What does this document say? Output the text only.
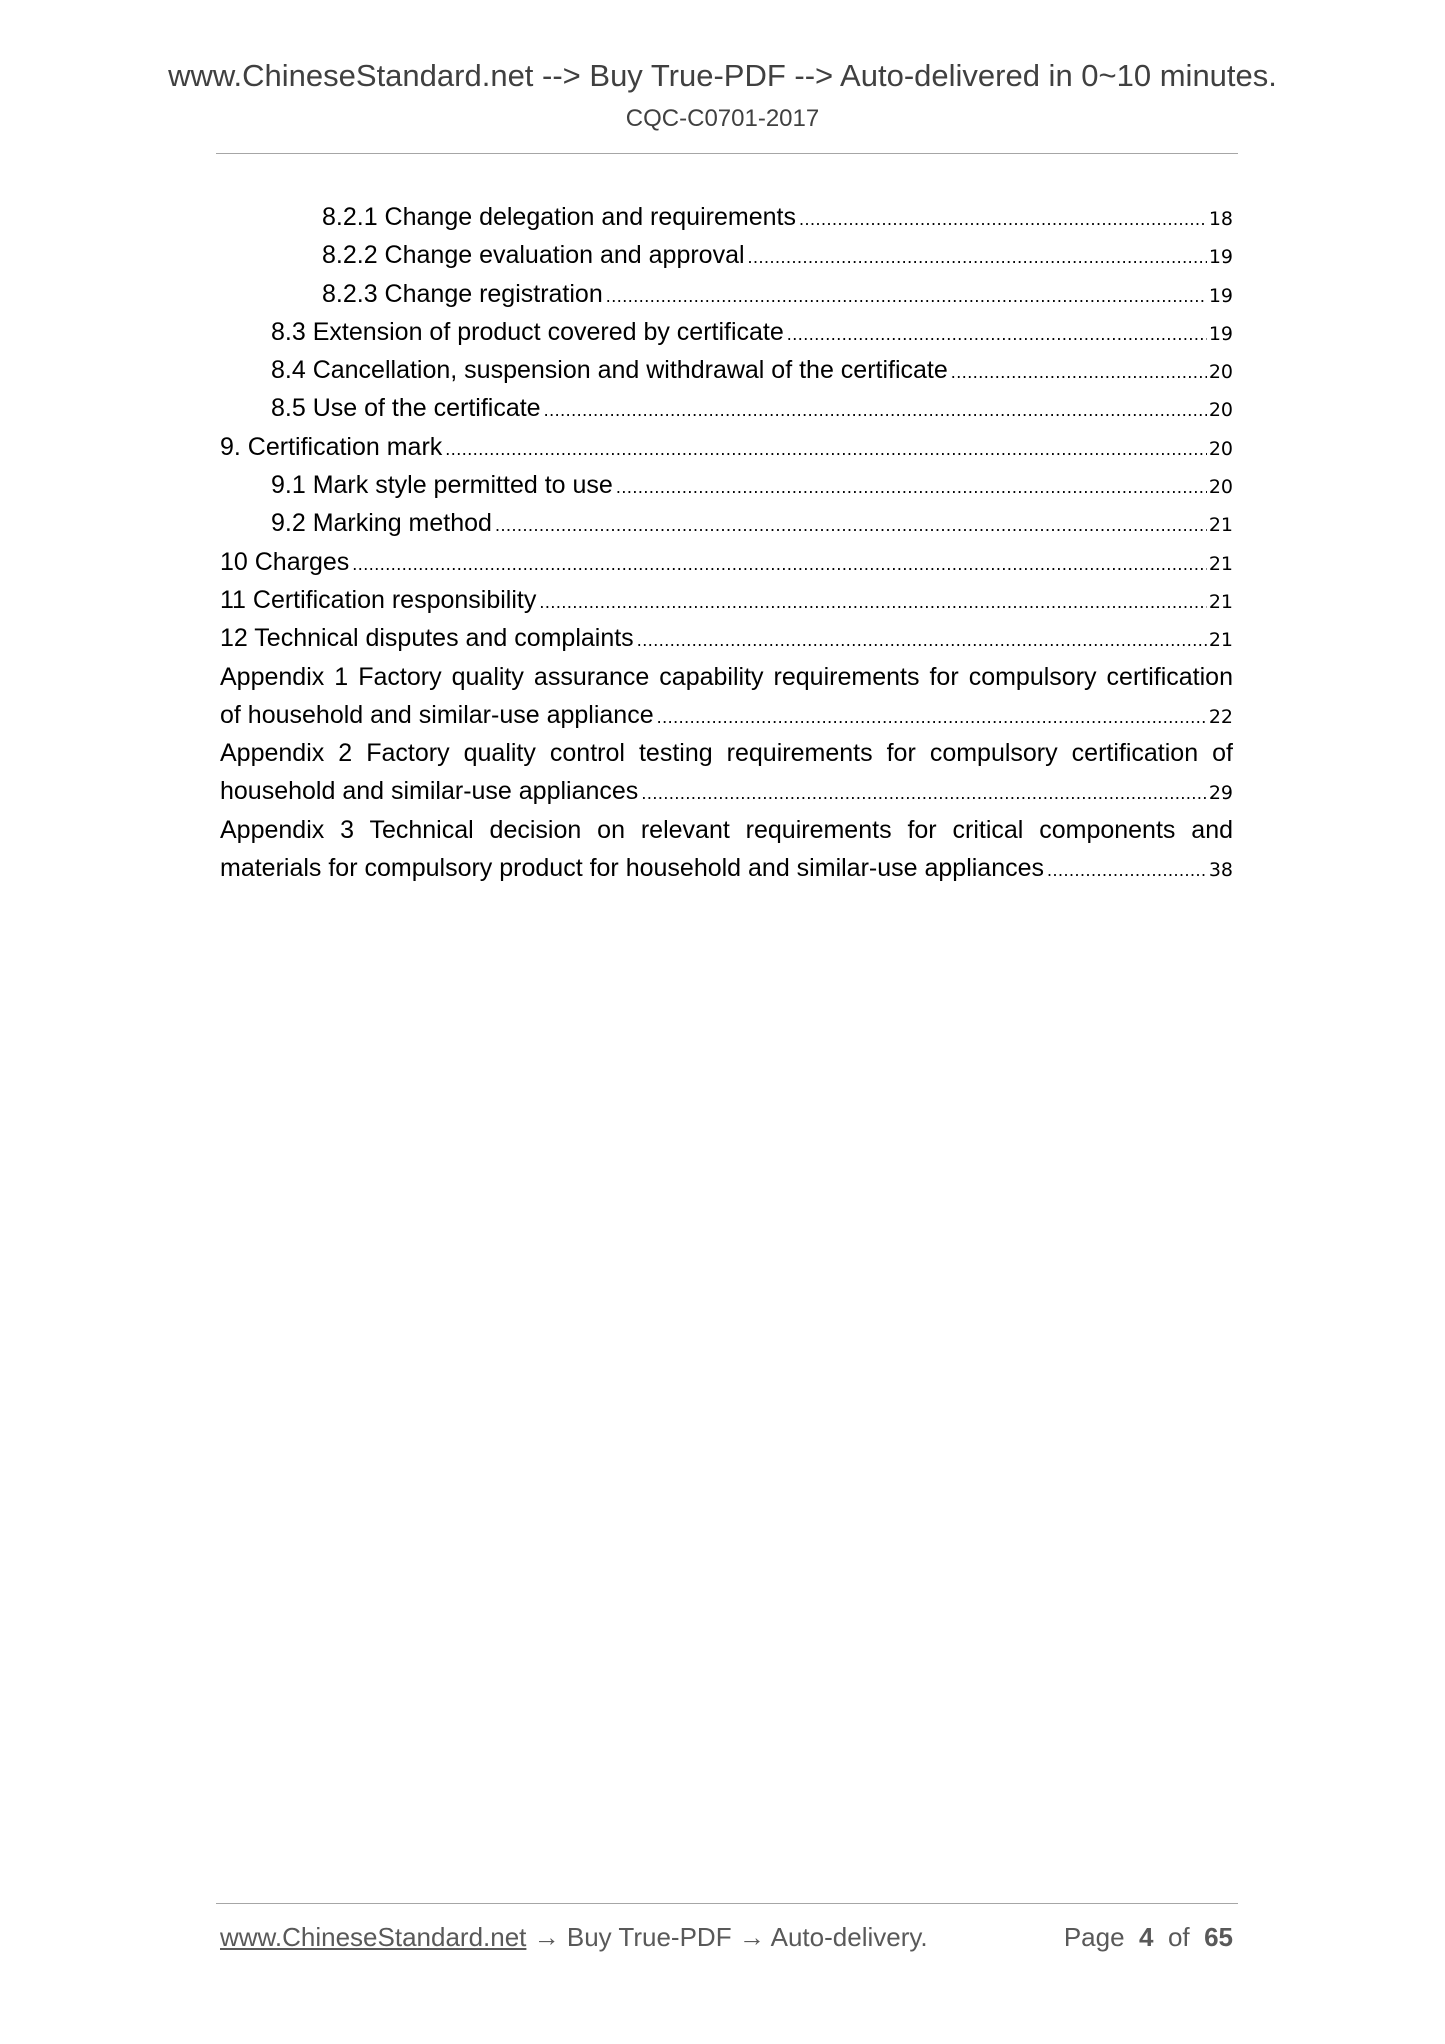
www.ChineseStandard.net --> Buy True-PDF --> Auto-delivered in 0~10 minutes.
CQC-C0701-2017
8.2.1 Change delegation and requirements .....	18
8.2.2 Change evaluation and approval .....	19
8.2.3 Change registration .....	19
8.3 Extension of product covered by certificate .....	19
8.4 Cancellation, suspension and withdrawal of the certificate .....	20
8.5 Use of the certificate .....	20
9. Certification mark .....	20
9.1 Mark style permitted to use .....	20
9.2 Marking method .....	21
10 Charges .....	21
11 Certification responsibility .....	21
12 Technical disputes and complaints .....	21
Appendix 1 Factory quality assurance capability requirements for compulsory certification
of household and similar-use appliance .....	22
Appendix 2 Factory quality control testing requirements for compulsory certification of
household and similar-use appliances .....	29
Appendix 3 Technical decision on relevant requirements for critical components and
materials for compulsory product for household and similar-use appliances .....	38
www.ChineseStandard.net → Buy True-PDF → Auto-delivery.	Page 4 of 65
